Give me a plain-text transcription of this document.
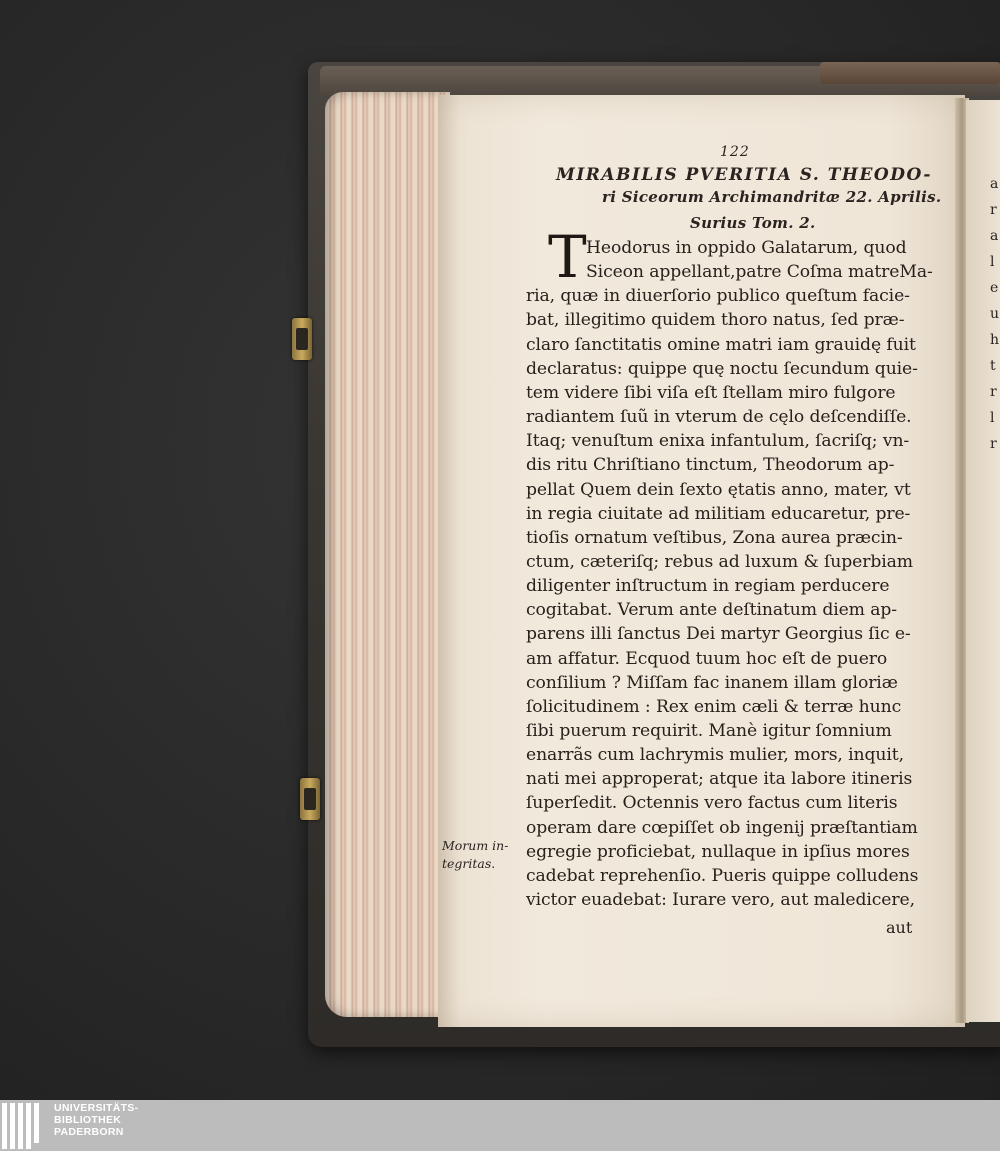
122
MIRABILIS PVERITIA S. THEODO-
ri Siceorum Archimandritæ 22. Aprilis.
Surius Tom. 2.
T Heodorus in oppido Galatarum, quod
Siceon appellant,patre Coſma matreMa-
ria, quæ in diuerſorio publico queſtum facie-
bat, illegitimo quidem thoro natus, ſed præ-
claro ſanctitatis omine matri iam grauidę fuit
declaratus: quippe quę noctu ſecundum quie-
tem videre ſibi viſa eſt ſtellam miro fulgore
radiantem ſuũ in vterum de cęlo deſcendiſſe.
Itaq; venuſtum enixa infantulum, ſacriſq; vn-
dis ritu Chriſtiano tinctum, Theodorum ap-
pellat Quem dein ſexto ętatis anno, mater, vt
in regia ciuitate ad militiam educaretur, pre-
tioſis ornatum veſtibus, Zona aurea præcin-
ctum, cæteriſq; rebus ad luxum & ſuperbiam
diligenter inſtructum in regiam perducere
cogitabat. Verum ante deſtinatum diem ap-
parens illi ſanctus Dei martyr Georgius ſic e-
am affatur. Ecquod tuum hoc eſt de puero
conſilium ? Miſſam fac inanem illam gloriæ
ſolicitudinem : Rex enim cæli & terræ hunc
ſibi puerum requirit. Manè igitur ſomnium
enarrãs cum lachrymis mulier, mors, inquit,
nati mei approperat; atque ita labore itineris
ſuperſedit. Octennis vero factus cum literis
operam dare cœpiſſet ob ingenij præſtantiam
egregie proficiebat, nullaque in ipſius mores
cadebat reprehenſio. Pueris quippe colludens
victor euadebat: Iurare vero, aut maledicere,
Morum in-
tegritas.
aut
a
r
a
l
e
u
h
t
r
l
r
UNIVERSITÄTS-
BIBLIOTHEK
PADERBORN
